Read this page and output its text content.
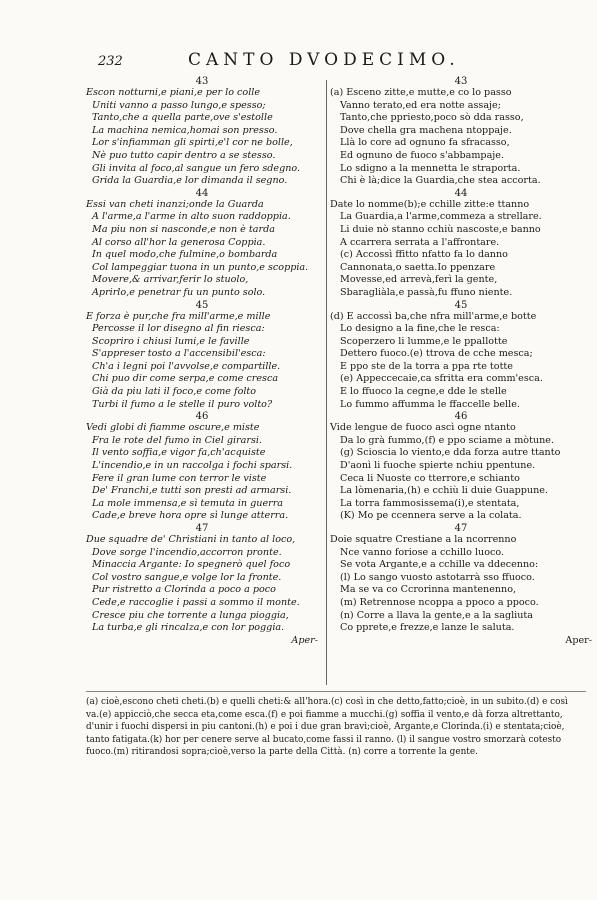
232	CANTO DVODECIMO.
43
Escon notturni,e piani,e per lo colle
Uniti vanno a passo lungo,e spesso;
Tanto,che a quella parte,ove s'estolle
La machina nemica,homai son presso.
Lor s'infiamman gli spirti,e'l cor ne bolle,
Nè puo tutto capir dentro a se stesso.
Gli invita al foco,al sangue un fero sdegno.
Grida la Guardia,e lor dimanda il segno.
44
Essi van cheti inanzi;onde la Guarda
A l'arme,a l'arme in alto suon raddoppia.
Ma piu non si nasconde,e non è tarda
Al corso all'hor la generosa Coppia.
In quel modo,che fulmine,o bombarda
Col lampeggiar tuona in un punto,e scoppia.
Movere,& arrivar,ferir lo stuolo,
Aprirlo,e penetrar fu un punto solo.
45
E forza è pur,che fra mill'arme,e mille
Percosse il lor disegno al fin riesca:
Scopriro i chiusi lumi,e le faville
S'appreser tosto a l'accensibil'esca:
Ch'a i legni poi l'avvolse,e compartille.
Chi puo dir come serpa,e come cresca
Già da piu lati il foco,e come folto
Turbi il fumo a le stelle il puro volto?
46
Vedi globi di fiamme oscure,e miste
Fra le rote del fumo in Ciel girarsi.
Il vento soffia,e vigor fa,ch'acquiste
L'incendio,e in un raccolga i fochi sparsi.
Fere il gran lume con terror le viste
De' Franchi,e tutti son presti ad armarsi.
La mole immensa,e sì temuta in guerra
Cade,e breve hora opre sì lunge atterra.
47
Due squadre de' Christiani in tanto al loco,
Dove sorge l'incendio,accorron pronte.
Minaccia Argante: Io spegnerò quel foco
Col vostro sangue,e volge lor la fronte.
Pur ristretto a Clorinda a poco a poco
Cede,e raccoglie i passi a sommo il monte.
Cresce piu che torrente a lunga pioggia,
La turba,e gli rincalza,e con lor poggia.
Aper-
43
(a) Esceno zitte,e mutte,e co lo passo
Vanno terato,ed era notte assaje;
Tanto,che ppriesto,poco sò dda rasso,
Dove chella gra machena ntoppaje.
Llà lo core ad ognuno fa sfracasso,
Ed ognuno de fuoco s'abbampaje.
Lo sdigno a la mennetta le straporta.
Chi è là;dice la Guardia,che stea accorta.
44
Date lo nomme(b);e cchille zitte:e ttanno
La Guardia,a l'arme,commeza a strellare.
Li duie nò stanno cchiù nascoste,e banno
A ccarrera serrata a l'affrontare.
(c) Accossì ffitto nfatto fa lo danno
Cannonata,o saetta.Io ppenzare
Movesse,ed arrevà,ferì la gente,
Sbaragliàla,e passà,fu ffuno niente.
45
(d) E accossì ba,che nfra mill'arme,e botte
Lo designo a la fine,che le resca:
Scoperzero li lumme,e le ppallotte
Dettero fuoco.(e) ttrova de cche mesca;
E ppo ste de la torra a ppa rte totte
(e) Appeccecaie,ca sfritta era comm'esca.
E lo ffuoco la cegne,e dde le stelle
Lo fummo affumma le ffaccelle belle.
46
Vide lengue de fuoco ascì ogne ntanto
Da lo grà fummo,(f) e ppo sciame a mòtune.
(g) Scioscia lo viento,e dda forza autre ttanto
D'aonì li fuoche spierte nchiu ppentune.
Ceca li Nuoste co tterrore,e schianto
La lòmenaria,(h) e cchiù li duie Guappune.
La torra fammosissema(i),e stentata,
(K) Mo pe ccennera serve a la colata.
47
Doie squatre Crestiane a la ncorrenno
Nce vanno foriose a cchillo luoco.
Se vota Argante,e a cchille va ddecenno:
(l) Lo sango vuosto astotarrà sso ffuoco.
Ma se va co Ccrorinna mantenenno,
(m) Retrennose ncoppa a ppoco a ppoco.
(n) Corre a llava la gente,e a la sagliuta
Co pprete,e frezze,e lanze le saluta.
Aper-
(a) cioè,escono cheti cheti.(b) e quelli cheti:& all'hora.(c) così in che detto,fatto;cioè, in un subito.(d) e così
va.(e) appicciò,che secca eta,come esca.(f) e poi fiamme a mucchi.(g) soffia il vento,e dà forza altrettanto,
d'unir i fuochi dispersi in piu cantoni.(h) e poi i due gran bravi;cioè, Argante,e Clorinda.(i) e stentata;cioè,
tanto fatigata.(k) hor per cenere serve al bucato,come fassi il ranno. (l) il sangue vostro smorzarà cotesto
fuoco.(m) ritirandosi sopra;cioè,verso la parte della Città. (n) corre a torrente la gente.
